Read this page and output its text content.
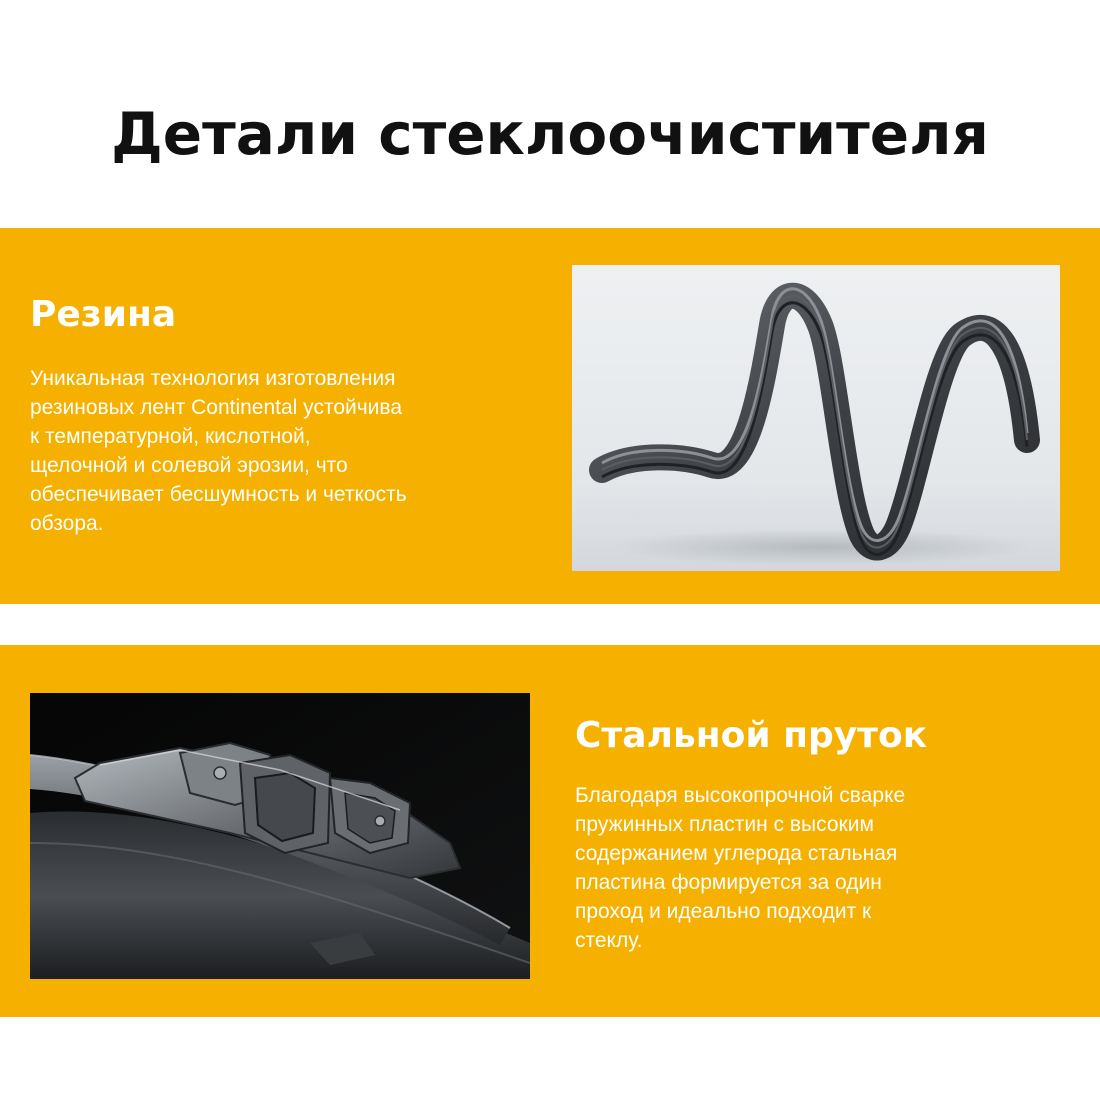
Детали стеклоочистителя
Резина
Уникальная технология изготовления
резиновых лент Continental устойчива
к температурной, кислотной,
щелочной и солевой эрозии, что
обеспечивает бесшумность и четкость
обзора.
Стальной пруток
Благодаря высокопрочной сварке
пружинных пластин с высоким
содержанием углерода стальная
пластина формируется за один
проход и идеально подходит к
стеклу.
